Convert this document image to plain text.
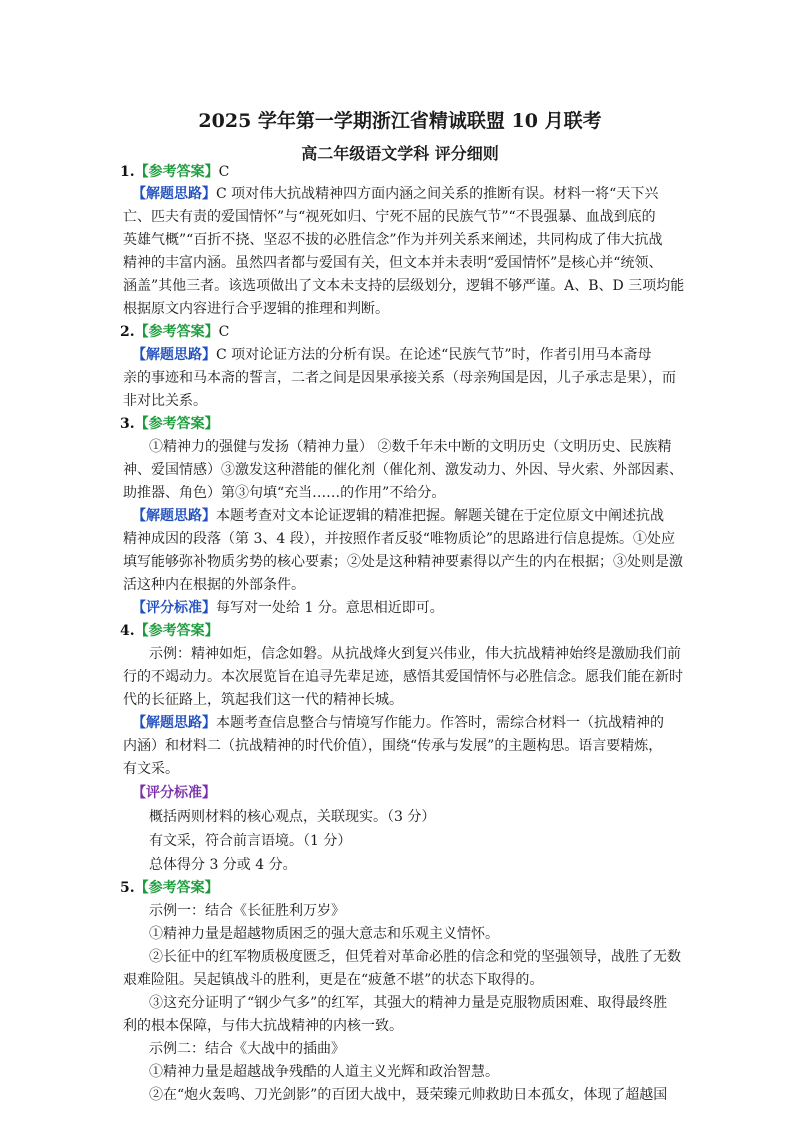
2025 学年第一学期浙江省精诚联盟 10 月联考
高二年级语文学科 评分细则
1.【参考答案】C
【解题思路】C 项对伟大抗战精神四方面内涵之间关系的推断有误。材料一将“天下兴
亡、匹夫有责的爱国情怀”与“视死如归、宁死不屈的民族气节”“不畏强暴、血战到底的
英雄气概”“百折不挠、坚忍不拔的必胜信念”作为并列关系来阐述，共同构成了伟大抗战
精神的丰富内涵。虽然四者都与爱国有关，但文本并未表明“爱国情怀”是核心并“统领、
涵盖”其他三者。该选项做出了文本未支持的层级划分，逻辑不够严谨。A、B、D 三项均能
根据原文内容进行合乎逻辑的推理和判断。
2.【参考答案】C
【解题思路】C 项对论证方法的分析有误。在论述“民族气节”时，作者引用马本斋母
亲的事迹和马本斋的誓言，二者之间是因果承接关系（母亲殉国是因，儿子承志是果），而
非对比关系。
3.【参考答案】
①精神力的强健与发扬（精神力量） ②数千年未中断的文明历史（文明历史、民族精
神、爱国情感）③激发这种潜能的催化剂（催化剂、激发动力、外因、导火索、外部因素、
助推器、角色）第③句填“充当……的作用”不给分。
【解题思路】本题考查对文本论证逻辑的精准把握。解题关键在于定位原文中阐述抗战
精神成因的段落（第 3、4 段），并按照作者反驳“唯物质论”的思路进行信息提炼。①处应
填写能够弥补物质劣势的核心要素；②处是这种精神要素得以产生的内在根据；③处则是激
活这种内在根据的外部条件。
【评分标准】每写对一处给 1 分。意思相近即可。
4.【参考答案】
示例：精神如炬，信念如磐。从抗战烽火到复兴伟业，伟大抗战精神始终是激励我们前
行的不竭动力。本次展览旨在追寻先辈足迹，感悟其爱国情怀与必胜信念。愿我们能在新时
代的长征路上，筑起我们这一代的精神长城。
【解题思路】本题考查信息整合与情境写作能力。作答时，需综合材料一（抗战精神的
内涵）和材料二（抗战精神的时代价值），围绕“传承与发展”的主题构思。语言要精炼，
有文采。
【评分标准】
概括两则材料的核心观点，关联现实。（3 分）
有文采，符合前言语境。（1 分）
总体得分 3 分或 4 分。
5.【参考答案】
示例一：结合《长征胜利万岁》
①精神力量是超越物质困乏的强大意志和乐观主义情怀。
②长征中的红军物质极度匮乏，但凭着对革命必胜的信念和党的坚强领导，战胜了无数
艰难险阻。吴起镇战斗的胜利，更是在“疲惫不堪”的状态下取得的。
③这充分证明了“钢少气多”的红军，其强大的精神力量是克服物质困难、取得最终胜
利的根本保障，与伟大抗战精神的内核一致。
示例二：结合《大战中的插曲》
①精神力量是超越战争残酷的人道主义光辉和政治智慧。
②在“炮火轰鸣、刀光剑影”的百团大战中，聂荣臻元帅救助日本孤女，体现了超越国
